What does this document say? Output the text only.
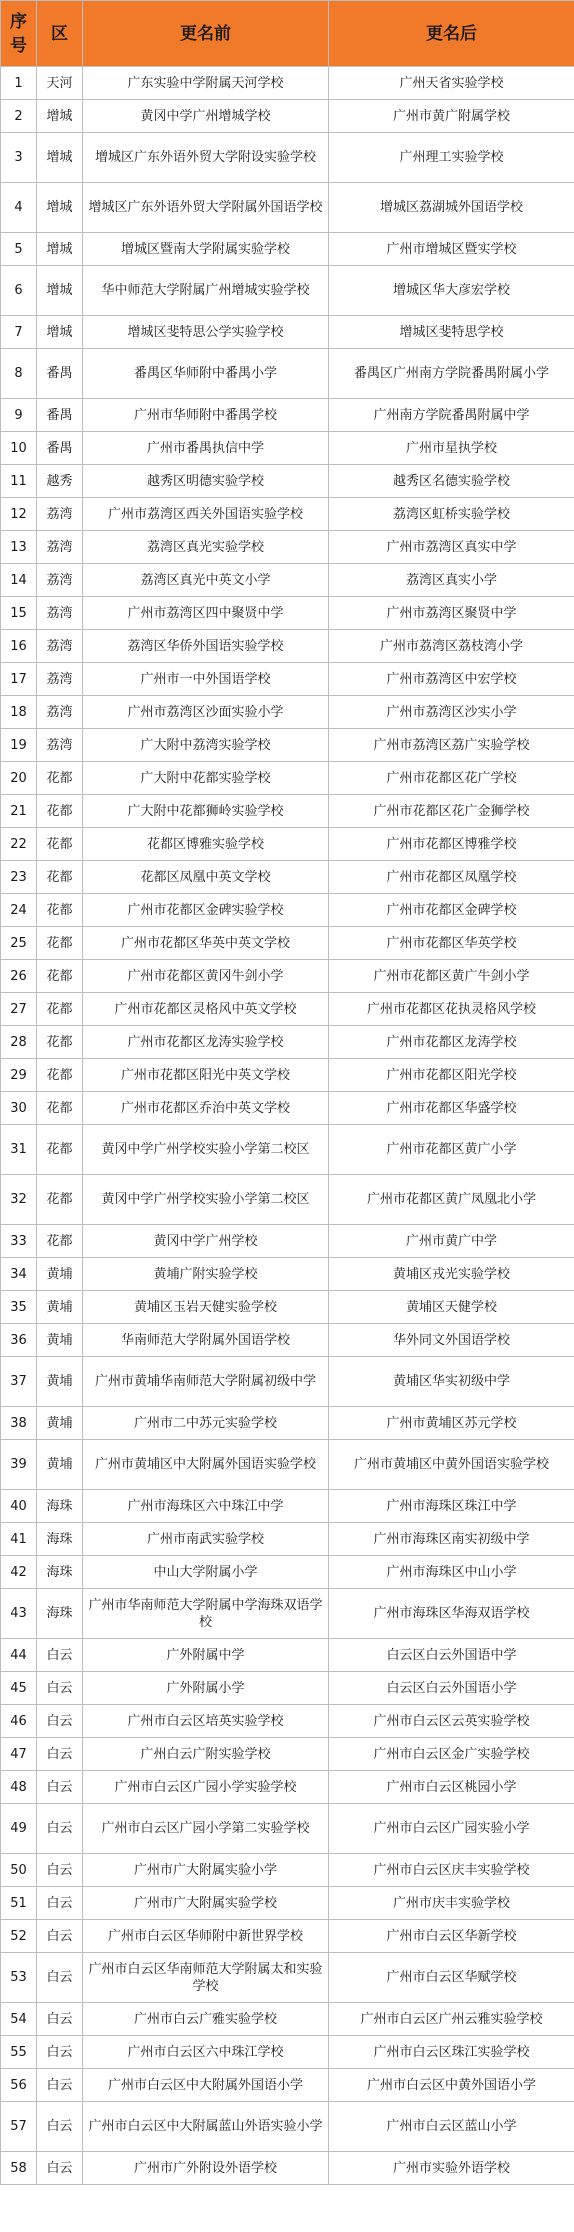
序号	区	更名前	更名后
1	天河	广东实验中学附属天河学校	广州天省实验学校
2	增城	黄冈中学广州增城学校	广州市黄广附属学校
3	增城	增城区广东外语外贸大学附设实验学校	广州理工实验学校
4	增城	增城区广东外语外贸大学附属外国语学校	增城区荔湖城外国语学校
5	增城	增城区暨南大学附属实验学校	广州市增城区暨实学校
6	增城	华中师范大学附属广州增城实验学校	增城区华大彦宏学校
7	增城	增城区斐特思公学实验学校	增城区斐特思学校
8	番禺	番禺区华师附中番禺小学	番禺区广州南方学院番禺附属小学
9	番禺	广州市华师附中番禺学校	广州南方学院番禺附属中学
10	番禺	广州市番禺执信中学	广州市星执学校
11	越秀	越秀区明德实验学校	越秀区名德实验学校
12	荔湾	广州市荔湾区西关外国语实验学校	荔湾区虹桥实验学校
13	荔湾	荔湾区真光实验学校	广州市荔湾区真实中学
14	荔湾	荔湾区真光中英文小学	荔湾区真实小学
15	荔湾	广州市荔湾区四中聚贤中学	广州市荔湾区聚贤中学
16	荔湾	荔湾区华侨外国语实验学校	广州市荔湾区荔枝湾小学
17	荔湾	广州市一中外国语学校	广州市荔湾区中宏学校
18	荔湾	广州市荔湾区沙面实验小学	广州市荔湾区沙实小学
19	荔湾	广大附中荔湾实验学校	广州市荔湾区荔广实验学校
20	花都	广大附中花都实验学校	广州市花都区花广学校
21	花都	广大附中花都狮岭实验学校	广州市花都区花广金狮学校
22	花都	花都区博雅实验学校	广州市花都区博雅学校
23	花都	花都区凤凰中英文学校	广州市花都区凤凰学校
24	花都	广州市花都区金碑实验学校	广州市花都区金碑学校
25	花都	广州市花都区华英中英文学校	广州市花都区华英学校
26	花都	广州市花都区黄冈牛剑小学	广州市花都区黄广牛剑小学
27	花都	广州市花都区灵格风中英文学校	广州市花都区花执灵格风学校
28	花都	广州市花都区龙涛实验学校	广州市花都区龙涛学校
29	花都	广州市花都区阳光中英文学校	广州市花都区阳光学校
30	花都	广州市花都区乔治中英文学校	广州市花都区华盛学校
31	花都	黄冈中学广州学校实验小学第二校区	广州市花都区黄广小学
32	花都	黄冈中学广州学校实验小学第二校区	广州市花都区黄广凤凰北小学
33	花都	黄冈中学广州学校	广州市黄广中学
34	黄埔	黄埔广附实验学校	黄埔区戎光实验学校
35	黄埔	黄埔区玉岩天健实验学校	黄埔区天健学校
36	黄埔	华南师范大学附属外国语学校	华外同文外国语学校
37	黄埔	广州市黄埔华南师范大学附属初级中学	黄埔区华实初级中学
38	黄埔	广州市二中苏元实验学校	广州市黄埔区苏元学校
39	黄埔	广州市黄埔区中大附属外国语实验学校	广州市黄埔区中黄外国语实验学校
40	海珠	广州市海珠区六中珠江中学	广州市海珠区珠江中学
41	海珠	广州市南武实验学校	广州市海珠区南实初级中学
42	海珠	中山大学附属小学	广州市海珠区中山小学
43	海珠	广州市华南师范大学附属中学海珠双语学校	广州市海珠区华海双语学校
44	白云	广外附属中学	白云区白云外国语中学
45	白云	广外附属小学	白云区白云外国语小学
46	白云	广州市白云区培英实验学校	广州市白云区云英实验学校
47	白云	广州白云广附实验学校	广州市白云区金广实验学校
48	白云	广州市白云区广园小学实验学校	广州市白云区桃园小学
49	白云	广州市白云区广园小学第二实验学校	广州市白云区广园实验小学
50	白云	广州市广大附属实验小学	广州市白云区庆丰实验学校
51	白云	广州市广大附属实验学校	广州市庆丰实验学校
52	白云	广州市白云区华师附中新世界学校	广州市白云区华新学校
53	白云	广州市白云区华南师范大学附属太和实验学校	广州市白云区华赋学校
54	白云	广州市白云广雅实验学校	广州市白云区广州云雅实验学校
55	白云	广州市白云区六中珠江学校	广州市白云区珠江实验学校
56	白云	广州市白云区中大附属外国语小学	广州市白云区中黄外国语小学
57	白云	广州市白云区中大附属蓝山外语实验小学	广州市白云区蓝山小学
58	白云	广州市广外附设外语学校	广州市实验外语学校
